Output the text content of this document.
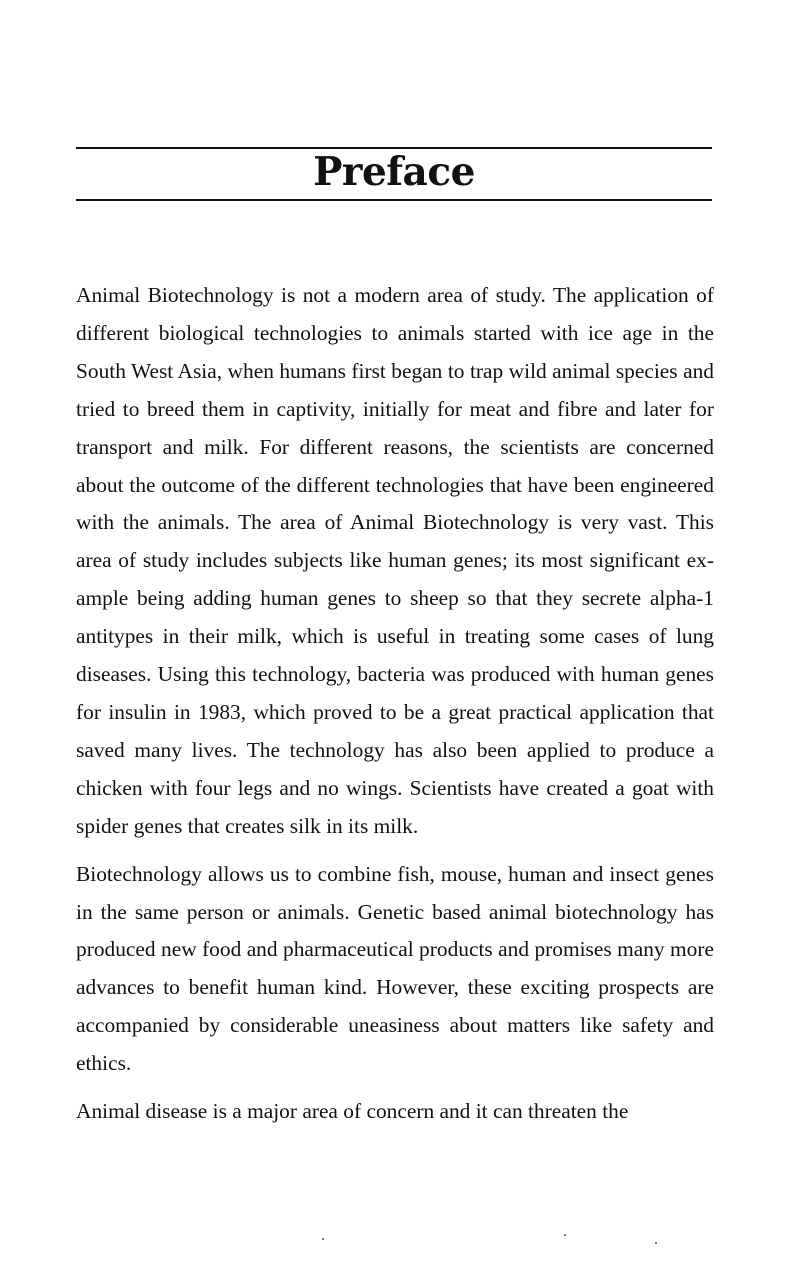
Preface

Animal Biotechnology is not a modern area of study. The application of different biological technologies to animals started with ice age in the South West Asia, when humans first began to trap wild animal species and tried to breed them in captivity, initially for meat and fibre and later for transport and milk. For different reasons, the scientists are concerned about the outcome of the different technologies that have been engineered with the animals. The area of Animal Biotechnology is very vast. This area of study includes subjects like human genes; its most significant example being adding human genes to sheep so that they secrete alpha-1 antitypes in their milk, which is useful in treating some cases of lung diseases. Using this technology, bacteria was produced with human genes for insulin in 1983, which proved to be a great practical application that saved many lives. The technology has also been applied to produce a chicken with four legs and no wings. Scientists have created a goat with spider genes that creates silk in its milk.

Biotechnology allows us to combine fish, mouse, human and insect genes in the same person or animals. Genetic based animal biotechnology has produced new food and pharmaceutical products and promises many more advances to benefit human kind. However, these exciting prospects are accompanied by considerable uneasiness about matters like safety and ethics.

Animal disease is a major area of concern and it can threaten the
